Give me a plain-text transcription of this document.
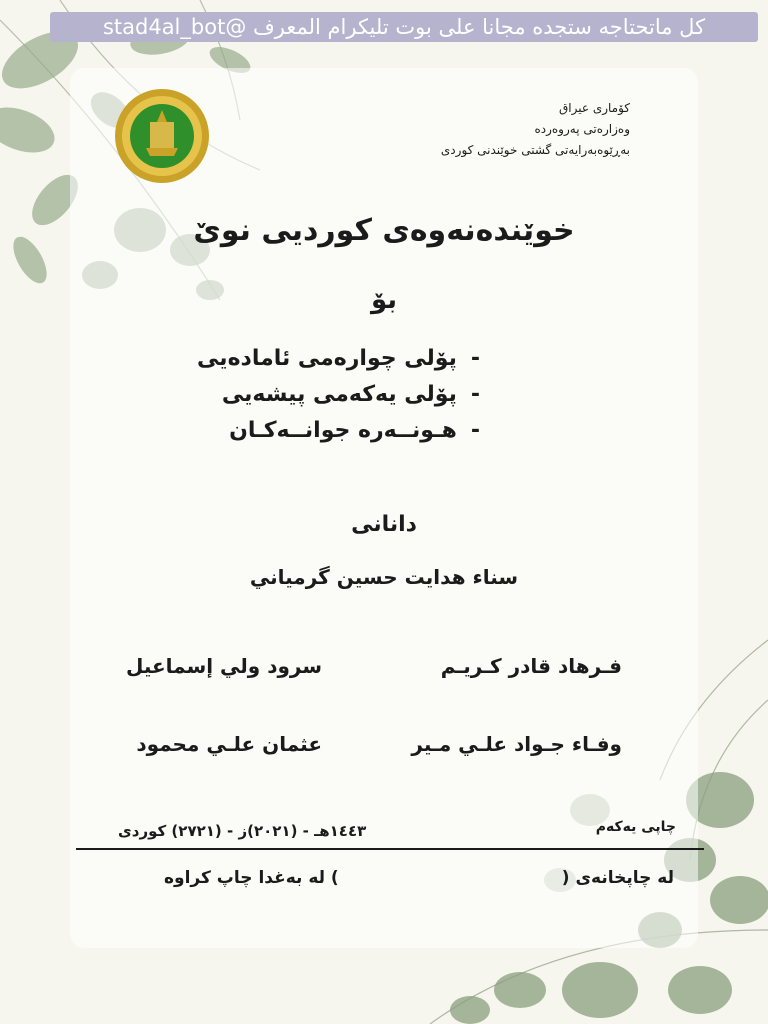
كل ماتحتاجه ستجده مجانا على بوت تليكرام المعرف @stad4al_bot
كۆماری عیراق
وەزارەتی پەروەردە
بەڕێوەبەرایەتی گشتی خوێندنی كوردی
خوێندەنەوەی كوردیی نوێ
بۆ
-
پۆلی چوارەمی ئامادەیی
-
پۆلی یەكەمی پیشەیی
-
هـونــەرە جوانــەكـان
دانانی
سناء هدايت حسين گرمياني
فـرهاد قادر كـريـم
سرود ولي إسماعيل
وفـاء جـواد علـي مـير
عثمان علـي محمود
چاپی یەكەم
١٤٤٣هـ - (٢٠٢١)ز - (٢٧٢١) كوردی
لە چاپخانەی (
) لە بەغدا چاپ كراوە
